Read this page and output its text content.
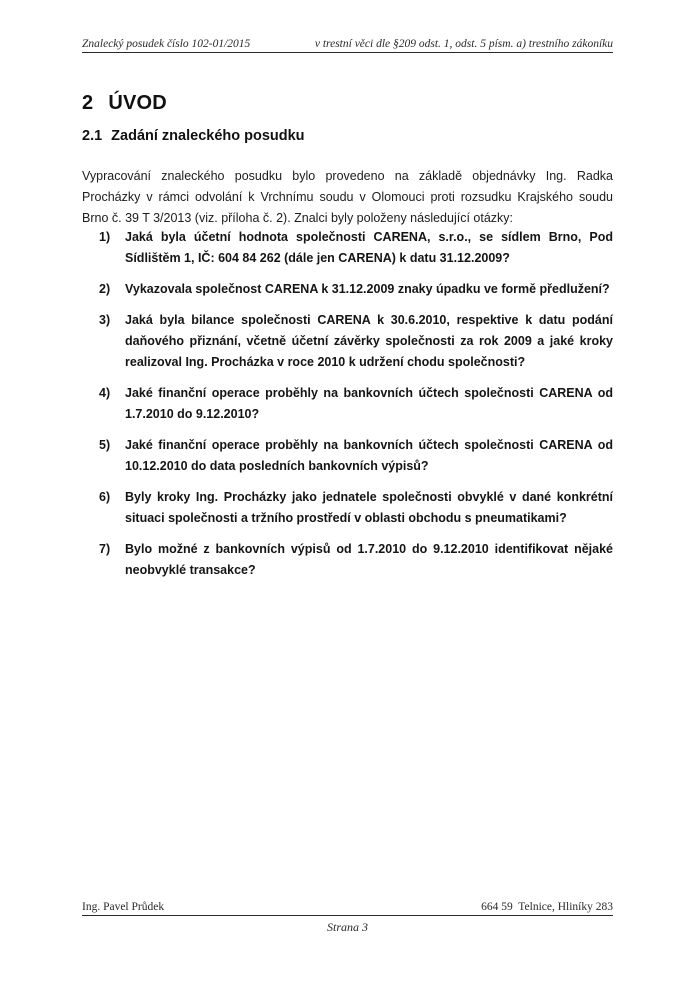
Znalecký posudek číslo 102-01/2015	v trestní věci dle §209 odst. 1, odst. 5 písm. a) trestního zákoníku
2 ÚVOD
2.1 Zadání znaleckého posudku
Vypracování znaleckého posudku bylo provedeno na základě objednávky Ing. Radka Procházky v rámci odvolání k Vrchnímu soudu v Olomouci proti rozsudku Krajského soudu Brno č. 39 T 3/2013 (viz. příloha č. 2). Znalci byly položeny následující otázky:
1) Jaká byla účetní hodnota společnosti CARENA, s.r.o., se sídlem Brno, Pod Sídlištěm 1, IČ: 604 84 262 (dále jen CARENA) k datu 31.12.2009?
2) Vykazovala společnost CARENA k 31.12.2009 znaky úpadku ve formě předlužení?
3) Jaká byla bilance společnosti CARENA k 30.6.2010, respektive k datu podání daňového přiznání, včetně účetní závěrky společnosti za rok 2009 a jaké kroky realizoval Ing. Procházka v roce 2010 k udržení chodu společnosti?
4) Jaké finanční operace proběhly na bankovních účtech společnosti CARENA od 1.7.2010 do 9.12.2010?
5) Jaké finanční operace proběhly na bankovních účtech společnosti CARENA od 10.12.2010 do data posledních bankovních výpisů?
6) Byly kroky Ing. Procházky jako jednatele společnosti obvyklé v dané konkrétní situaci společnosti a tržního prostředí v oblasti obchodu s pneumatikami?
7) Bylo možné z bankovních výpisů od 1.7.2010 do 9.12.2010 identifikovat nějaké neobvyklé transakce?
Ing. Pavel Průdek	664 59  Telnice, Hliníky 283
Strana 3
